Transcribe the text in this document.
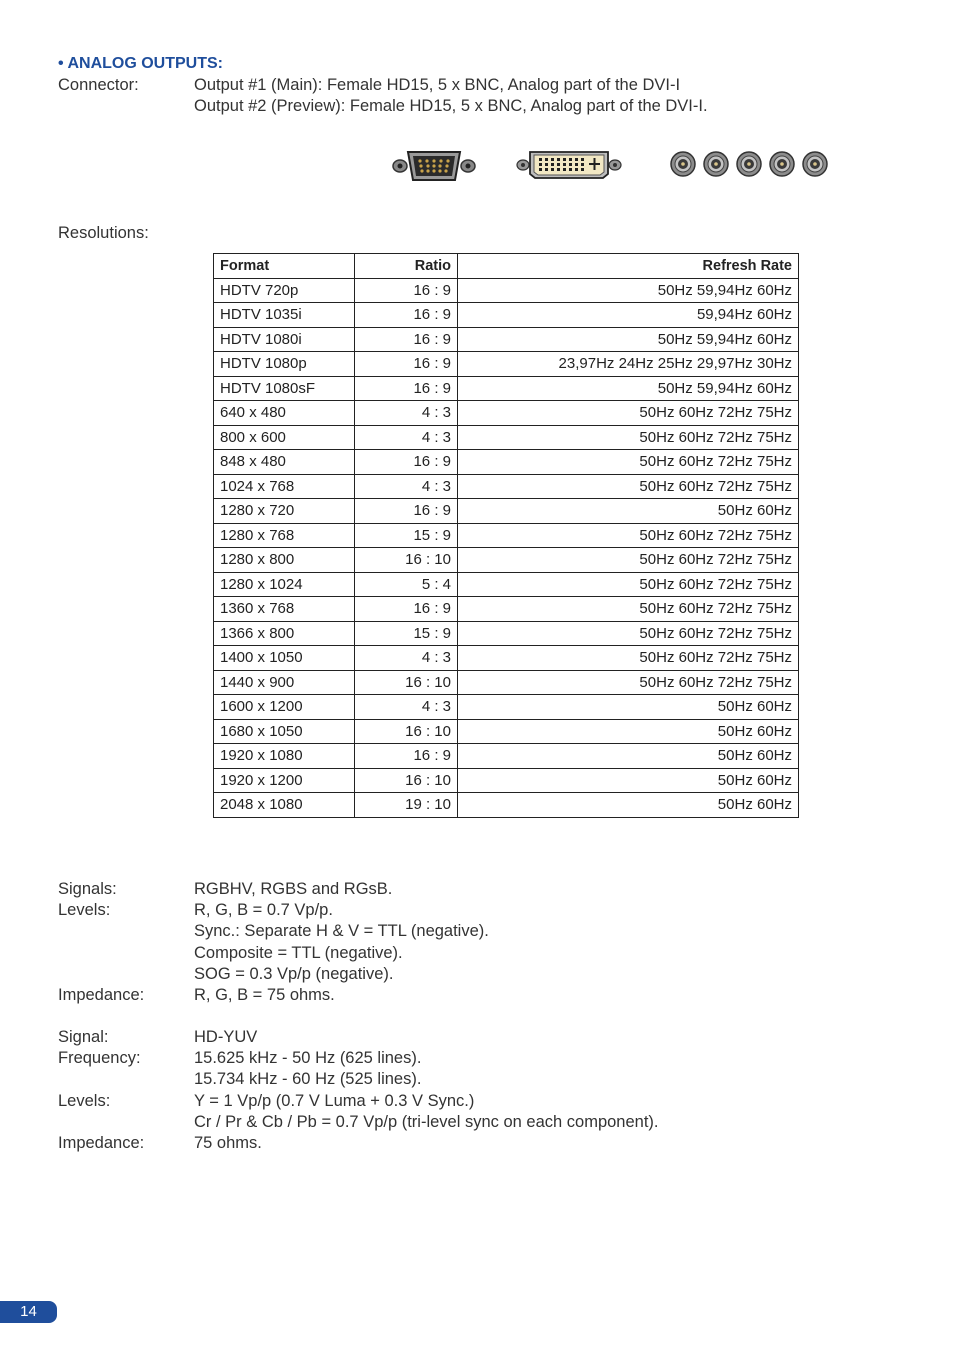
• ANALOG OUTPUTS:
Connector:	Output #1 (Main): Female HD15, 5 x BNC, Analog part of the DVI-I
Output #2 (Preview): Female HD15, 5 x BNC, Analog part of the DVI-I.
Resolutions:
Format	Ratio	Refresh Rate
HDTV 720p	16 : 9	50Hz 59,94Hz 60Hz
HDTV 1035i	16 : 9	59,94Hz 60Hz
HDTV 1080i	16 : 9	50Hz 59,94Hz 60Hz
HDTV 1080p	16 : 9	23,97Hz 24Hz 25Hz 29,97Hz 30Hz
HDTV 1080sF	16 : 9	50Hz 59,94Hz 60Hz
640 x 480	4 : 3	50Hz 60Hz 72Hz 75Hz
800 x 600	4 : 3	50Hz 60Hz 72Hz 75Hz
848 x 480	16 : 9	50Hz 60Hz 72Hz 75Hz
1024 x 768	4 : 3	50Hz 60Hz 72Hz 75Hz
1280 x 720	16 : 9	50Hz 60Hz
1280 x 768	15 : 9	50Hz 60Hz 72Hz 75Hz
1280 x 800	16 : 10	50Hz 60Hz 72Hz 75Hz
1280 x 1024	5 : 4	50Hz 60Hz 72Hz 75Hz
1360 x 768	16 : 9	50Hz 60Hz 72Hz 75Hz
1366 x 800	15 : 9	50Hz 60Hz 72Hz 75Hz
1400 x 1050	4 : 3	50Hz 60Hz 72Hz 75Hz
1440 x 900	16 : 10	50Hz 60Hz 72Hz 75Hz
1600 x 1200	4 : 3	50Hz 60Hz
1680 x 1050	16 : 10	50Hz 60Hz
1920 x 1080	16 : 9	50Hz 60Hz
1920 x 1200	16 : 10	50Hz 60Hz
2048 x 1080	19 : 10	50Hz 60Hz
Signals:	RGBHV, RGBS and RGsB.
Levels:	R, G, B = 0.7 Vp/p.
Sync.: Separate H & V = TTL (negative).
Composite = TTL (negative).
SOG = 0.3 Vp/p (negative).
Impedance:	R, G, B = 75 ohms.
Signal:	HD-YUV
Frequency:	15.625 kHz - 50 Hz (625 lines).
15.734 kHz - 60 Hz (525 lines).
Levels:	Y = 1 Vp/p (0.7 V Luma + 0.3 V Sync.)
Cr / Pr & Cb / Pb = 0.7 Vp/p (tri-level sync on each component).
Impedance:	75 ohms.
14
